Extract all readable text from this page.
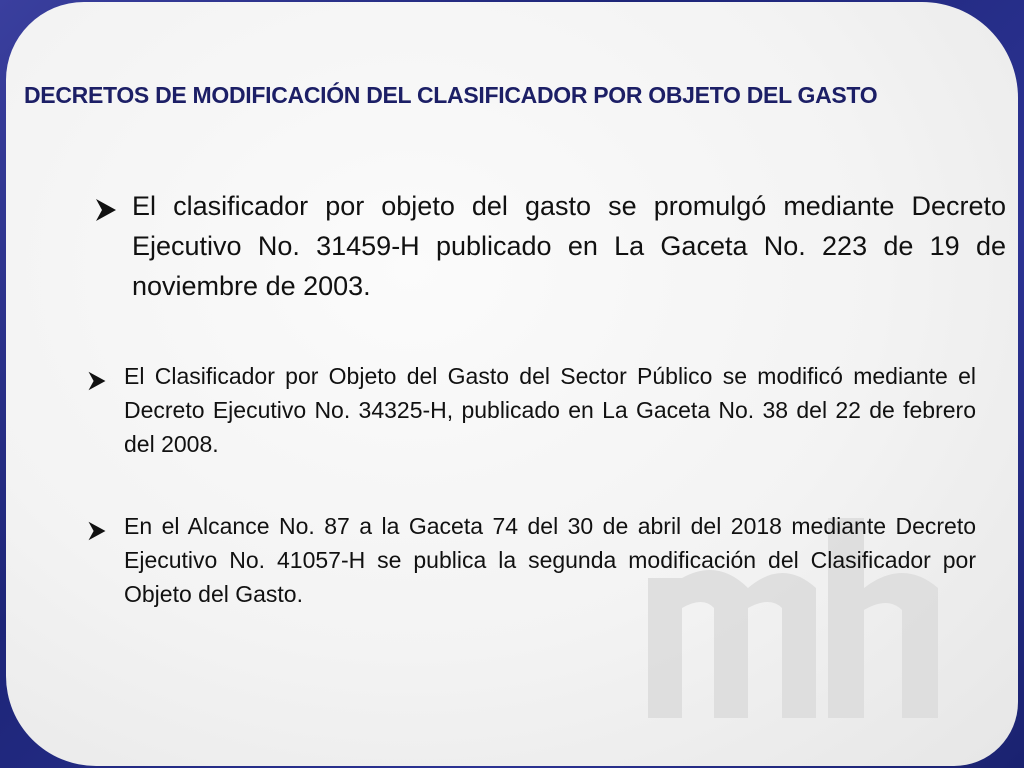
DECRETOS DE MODIFICACIÓN DEL CLASIFICADOR POR OBJETO DEL GASTO
El clasificador por objeto del gasto se promulgó mediante Decreto Ejecutivo No. 31459-H publicado en La Gaceta No. 223 de 19 de noviembre de 2003.
El Clasificador por Objeto del Gasto del Sector Público se modificó mediante el Decreto Ejecutivo No. 34325-H, publicado en La Gaceta No. 38 del 22 de febrero del 2008.
En el Alcance No. 87 a la Gaceta 74 del 30 de abril del 2018 mediante Decreto Ejecutivo No. 41057-H se publica la segunda modificación del Clasificador por Objeto del Gasto.
